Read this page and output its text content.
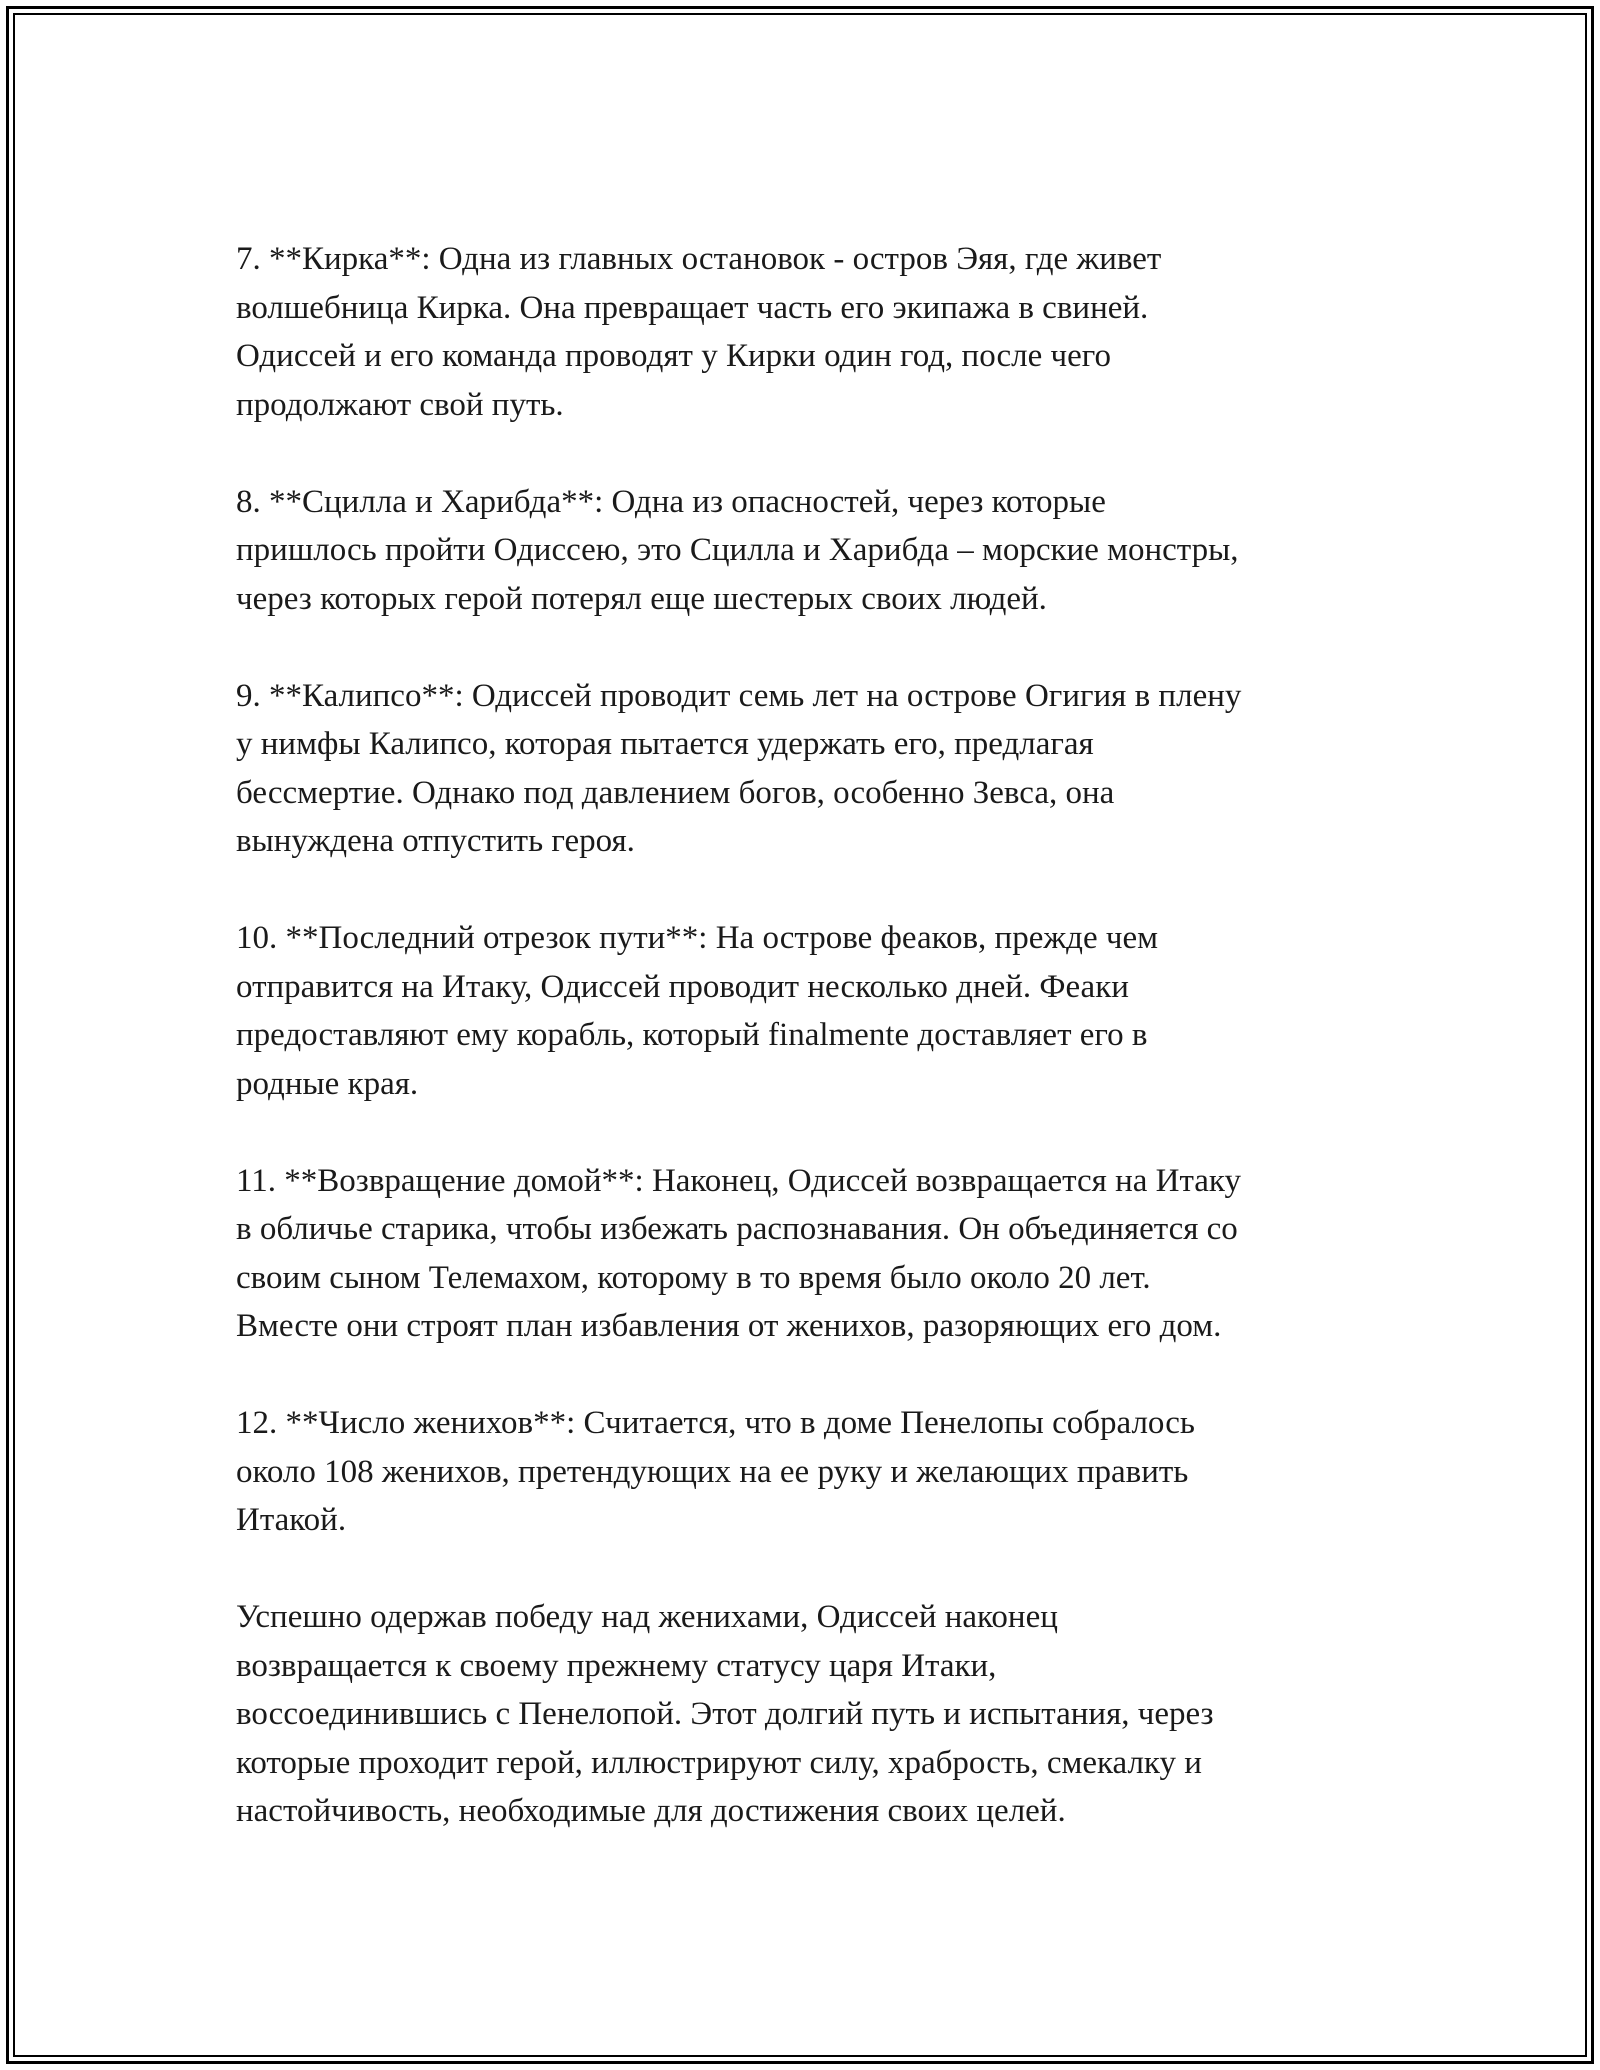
7. **Кирка**: Одна из главных остановок - остров Эяя, где живет
волшебница Кирка. Она превращает часть его экипажа в свиней.
Одиссей и его команда проводят у Кирки один год, после чего
продолжают свой путь.

8. **Сцилла и Харибда**: Одна из опасностей, через которые
пришлось пройти Одиссею, это Сцилла и Харибда – морские монстры,
через которых герой потерял еще шестерых своих людей.

9. **Калипсо**: Одиссей проводит семь лет на острове Огигия в плену
у нимфы Калипсо, которая пытается удержать его, предлагая
бессмертие. Однако под давлением богов, особенно Зевса, она
вынуждена отпустить героя.

10. **Последний отрезок пути**: На острове феаков, прежде чем
отправится на Итаку, Одиссей проводит несколько дней. Феаки
предоставляют ему корабль, который finalmente доставляет его в
родные края.

11. **Возвращение домой**: Наконец, Одиссей возвращается на Итаку
в обличье старика, чтобы избежать распознавания. Он объединяется со
своим сыном Телемахом, которому в то время было около 20 лет.
Вместе они строят план избавления от женихов, разоряющих его дом.

12. **Число женихов**: Считается, что в доме Пенелопы собралось
около 108 женихов, претендующих на ее руку и желающих править
Итакой.

Успешно одержав победу над женихами, Одиссей наконец
возвращается к своему прежнему статусу царя Итаки,
воссоединившись с Пенелопой. Этот долгий путь и испытания, через
которые проходит герой, иллюстрируют силу, храбрость, смекалку и
настойчивость, необходимые для достижения своих целей.
